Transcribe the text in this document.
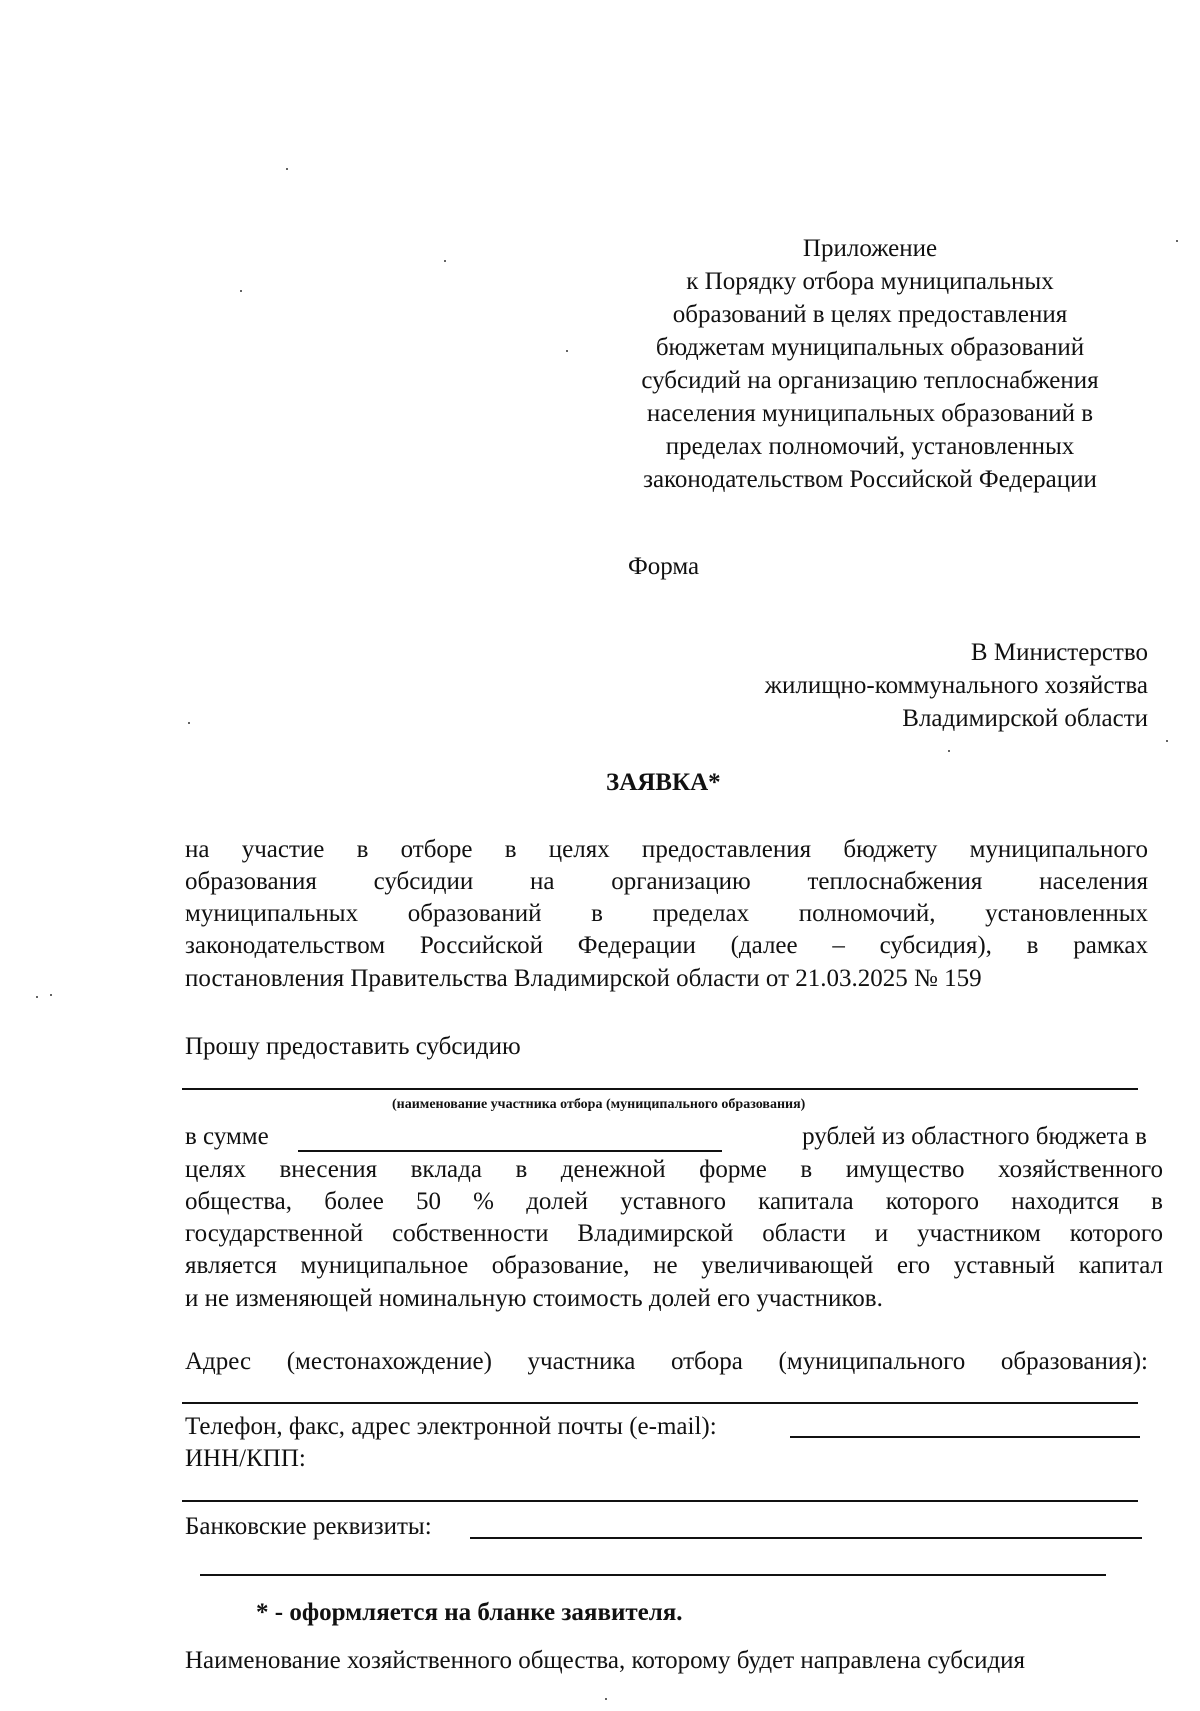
Приложение
к Порядку отбора муниципальных
образований в целях предоставления
бюджетам муниципальных образований
субсидий на организацию теплоснабжения
населения муниципальных образований в
пределах полномочий, установленных
законодательством Российской Федерации
Форма
В Министерство
жилищно-коммунального хозяйства
Владимирской области
ЗАЯВКА*
на участие в отборе в целях предоставления бюджету муниципального
образования субсидии на организацию теплоснабжения населения
муниципальных образований в пределах полномочий, установленных
законодательством Российской Федерации (далее – субсидия), в рамках
постановления Правительства Владимирской области от 21.03.2025 № 159
Прошу предоставить субсидию
(наименование участника отбора (муниципального образования)
в сумме	рублей из областного бюджета в
целях внесения вклада в денежной форме в имущество хозяйственного
общества, более 50 % долей уставного капитала которого находится в
государственной собственности Владимирской области и участником которого
является муниципальное образование, не увеличивающей его уставный капитал
и не изменяющей номинальную стоимость долей его участников.
Адрес (местонахождение) участника отбора (муниципального образования):
Телефон, факс, адрес электронной почты (e-mail):
ИНН/КПП:
Банковские реквизиты:
* - оформляется на бланке заявителя.
Наименование хозяйственного общества, которому будет направлена субсидия
